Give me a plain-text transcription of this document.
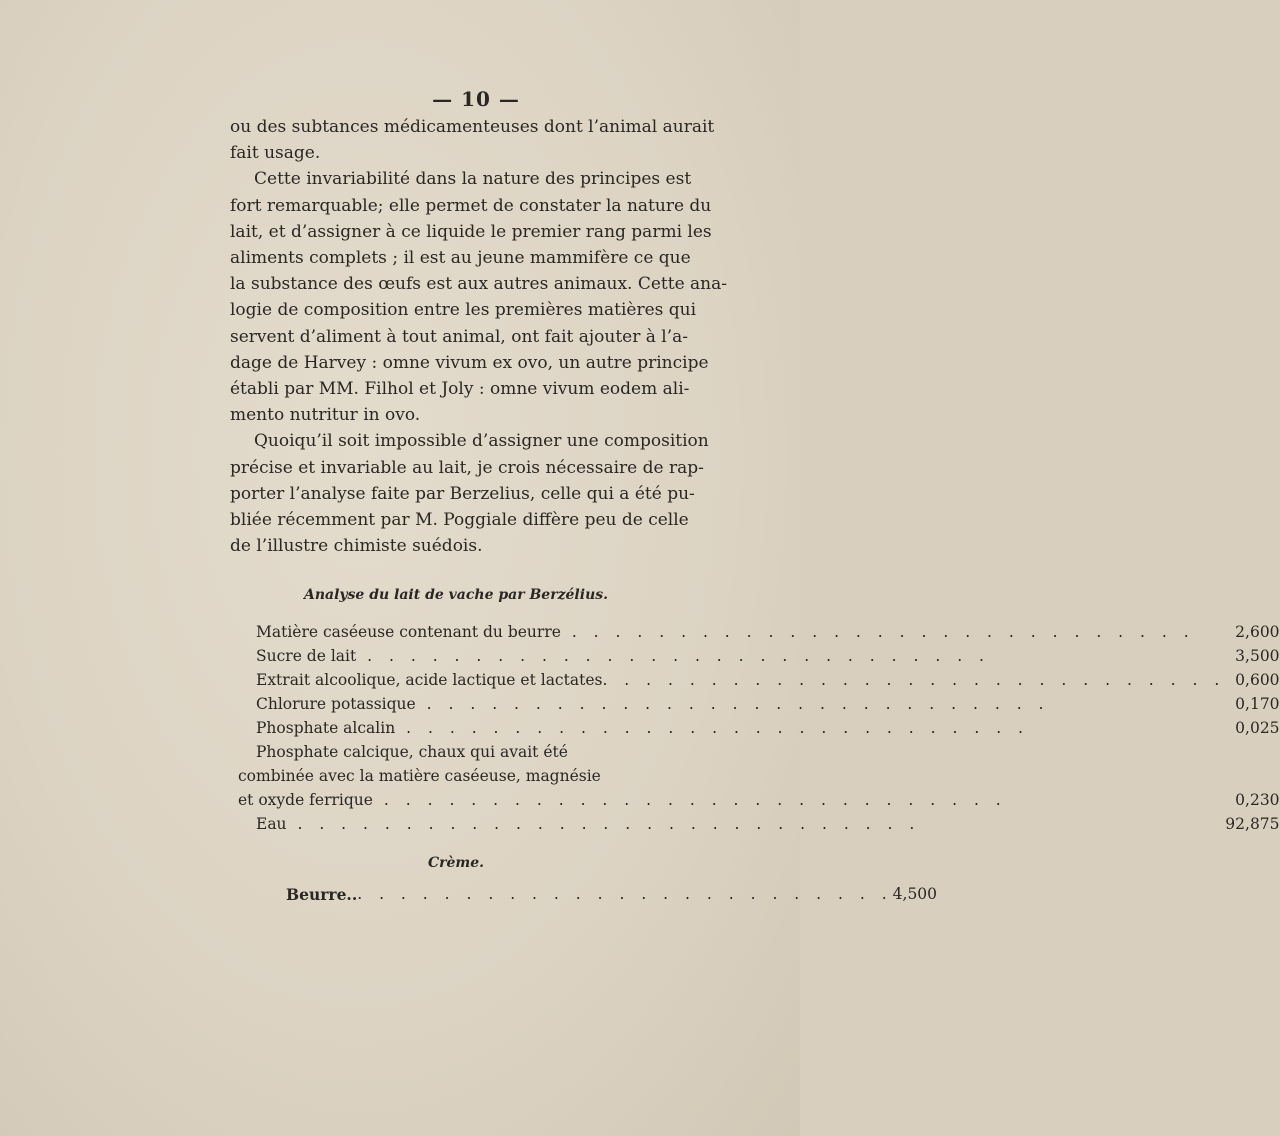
— 10 —

ou des subtances médicamenteuses dont l’animal aurait
fait usage.

Cette invariabilité dans la nature des principes est
fort remarquable; elle permet de constater la nature du
lait, et d’assigner à ce liquide le premier rang parmi les
aliments complets ; il est au jeune mammifère ce que
la substance des œufs est aux autres animaux. Cette ana-
logie de composition entre les premières matières qui
servent d’aliment à tout animal, ont fait ajouter à l’a-
dage de Harvey : omne vivum ex ovo, un autre principe
établi par MM. Filhol et Joly : omne vivum eodem ali-
mento nutritur in ovo.

Quoiqu’il soit impossible d’assigner une composition
précise et invariable au lait, je crois nécessaire de rap-
porter l’analyse faite par Berzelius, celle qui a été pu-
bliée récemment par M. Poggiale diffère peu de celle
de l’illustre chimiste suédois.

Analyse du lait de vache par Berzélius.
Matière caséeuse contenant du beurre . . . . . . . . . . . . . . . . . . . . . . . . . . . . .	2,600
Sucre de lait . . . . . . . . . . . . . . . . . . . . . . . . . . . . .	3,500
Extrait alcoolique, acide lactique et lactates. . . . . . . . . . . . . . . . . . . . . . . . . . . . .	0,600
Chlorure potassique . . . . . . . . . . . . . . . . . . . . . . . . . . . . .	0,170
Phosphate alcalin . . . . . . . . . . . . . . . . . . . . . . . . . . . . .	0,025
Phosphate calcique, chaux qui avait été	
combinée avec la matière caséeuse, magnésie	
et oxyde ferrique . . . . . . . . . . . . . . . . . . . . . . . . . . . . .	0,230
Eau . . . . . . . . . . . . . . . . . . . . . . . . . . . . .	92,875
Crème.
Beurre.. . . . . . . . . . . . . . . . . . . . . . . . . . 4,500
